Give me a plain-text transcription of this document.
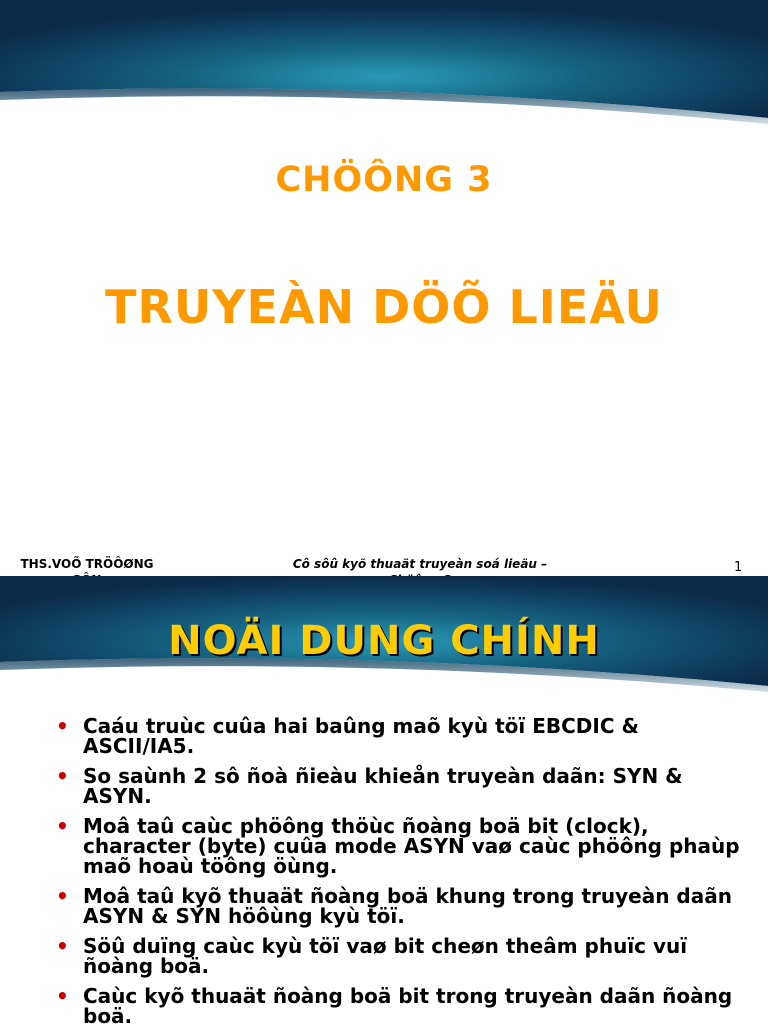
CHÖÔNG 3
TRUYEÀN DÖÕ LIEÄU
THS.VOÕ TRÖÔØNG	Cô sôû kyõ thuaät truyeàn soá lieäu –	1
NOÄI DUNG CHÍNH
• Caáu truùc cuûa hai baûng maõ kyù töï EBCDIC & ASCII/IA5.
• So saùnh 2 sô ñoà ñieàu khieån truyeàn daãn: SYN & ASYN.
• Moâ taû caùc phöông thöùc ñoàng boä bit (clock), character (byte) cuûa mode ASYN vaø caùc phöông phaùp maõ hoaù töông öùng.
• Moâ taû kyõ thuaät ñoàng boä khung trong truyeàn daãn ASYN & SYN höôùng kyù töï.
• Söû duïng caùc kyù töï vaø bit cheøn theâm phuïc vuï ñoàng boä.
• Caùc kyõ thuaät ñoàng boä bit trong truyeàn daãn ñoàng boä.
